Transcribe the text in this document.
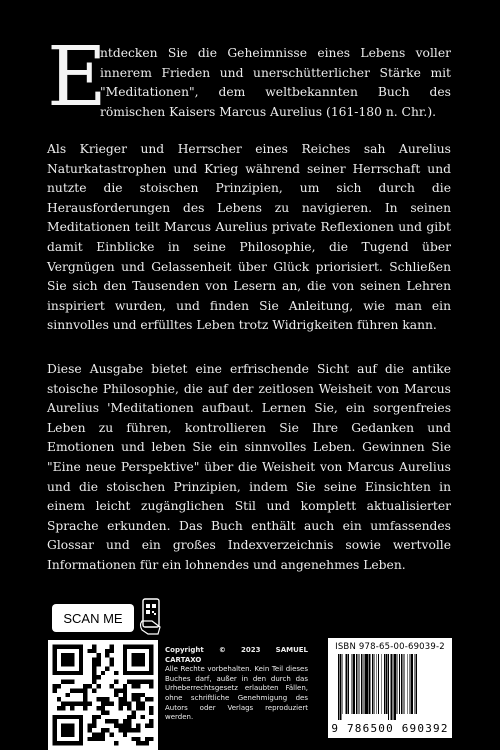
E
ntdecken Sie die Geheimnisse eines Lebens voller innerem Frieden und unerschütterlicher Stärke mit "Meditationen", dem weltbekannten Buch des römischen Kaisers Marcus Aurelius (161-180 n. Chr.).
Als Krieger und Herrscher eines Reiches sah Aurelius Naturkatastrophen und Krieg während seiner Herrschaft und nutzte die stoischen Prinzipien, um sich durch die Herausforderungen des Lebens zu navigieren. In seinen Meditationen teilt Marcus Aurelius private Reflexionen und gibt damit Einblicke in seine Philosophie, die Tugend über Vergnügen und Gelassenheit über Glück priorisiert. Schließen Sie sich den Tausenden von Lesern an, die von seinen Lehren inspiriert wurden, und finden Sie Anleitung, wie man ein sinnvolles und erfülltes Leben trotz Widrigkeiten führen kann.
Diese Ausgabe bietet eine erfrischende Sicht auf die antike stoische Philosophie, die auf der zeitlosen Weisheit von Marcus Aurelius 'Meditationen aufbaut. Lernen Sie, ein sorgenfreies Leben zu führen, kontrollieren Sie Ihre Gedanken und Emotionen und leben Sie ein sinnvolles Leben. Gewinnen Sie "Eine neue Perspektive" über die Weisheit von Marcus Aurelius und die stoischen Prinzipien, indem Sie seine Einsichten in einem leicht zugänglichen Stil und komplett aktualisierter Sprache erkunden. Das Buch enthält auch ein umfassendes Glossar und ein großes Indexverzeichnis sowie wertvolle Informationen für ein lohnendes und angenehmes Leben.
SCAN ME
Copyright © 2023 SAMUEL CARTAXO
Alle Rechte vorbehalten. Kein Teil dieses Buches darf, außer in den durch das Urheberrechtsgesetz erlaubten Fällen, ohne schriftliche Genehmigung des Autors oder Verlags reproduziert werden.
ISBN 978-65-00-69039-2
9 786500 690392
